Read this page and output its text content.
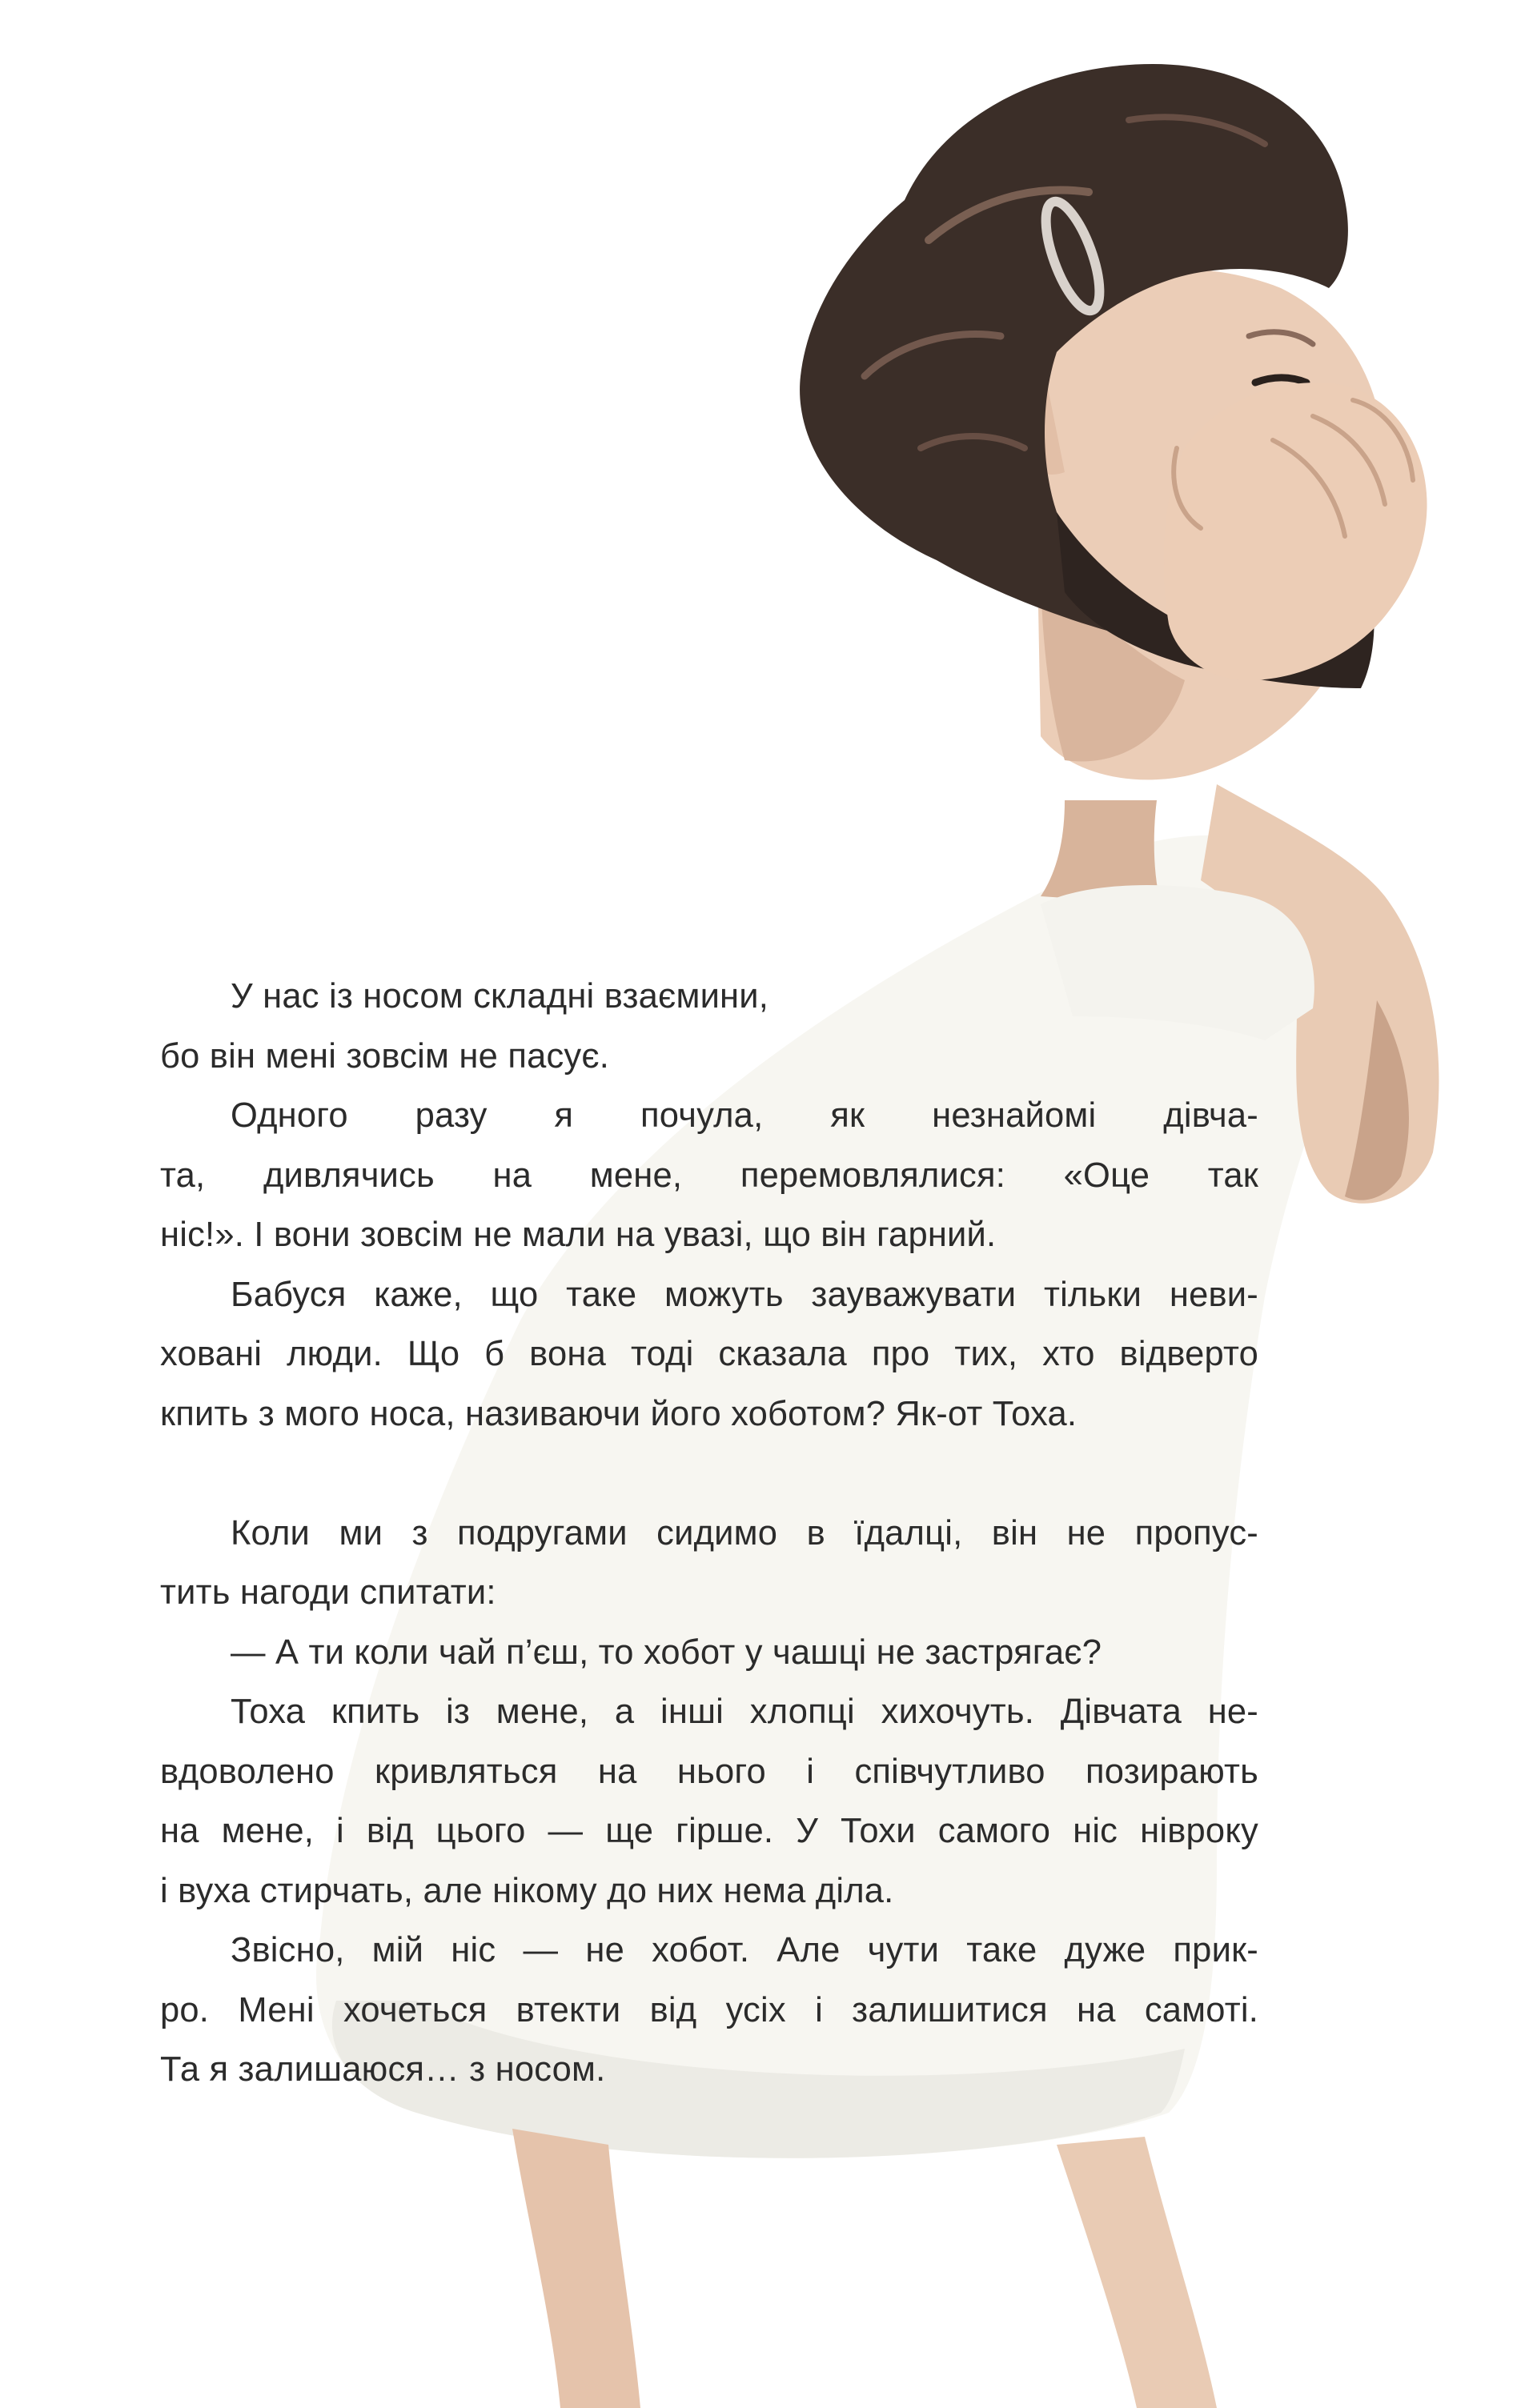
У нас із носом складні взаємини,
бо він мені зовсім не пасує.
Одного разу я почула, як незнайомі дівча-
та, дивлячись на мене, перемовлялися: «Оце так
ніс!». І вони зовсім не мали на увазі, що він гарний.
Бабуся каже, що таке можуть зауважувати тільки неви-
ховані люди. Що б вона тоді сказала про тих, хто відверто
кпить з мого носа, називаючи його хоботом? Як-от Тоха.
Коли ми з подругами сидимо в їдалці, він не пропус-
тить нагоди спитати:
— А ти коли чай п’єш, то хобот у чашці не застрягає?
Тоха кпить із мене, а інші хлопці хихочуть. Дівчата не-
вдоволено кривляться на нього і співчутливо позирають
на мене, і від цього — ще гірше. У Тохи самого ніс нівроку
і вуха стирчать, але нікому до них нема діла.
Звісно, мій ніс — не хобот. Але чути таке дуже прик-
ро. Мені хочеться втекти від усіх і залишитися на самоті.
Та я залишаюся… з носом.
